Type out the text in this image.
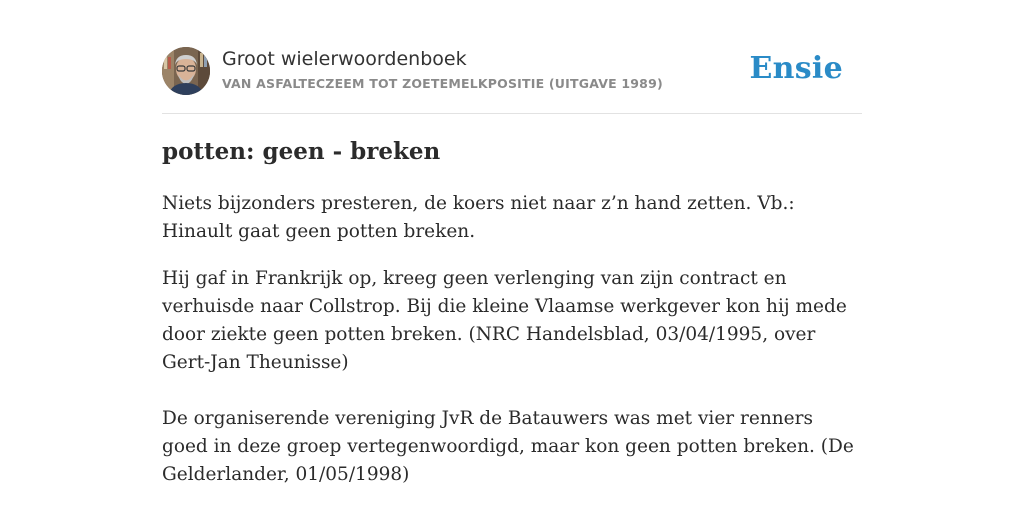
Groot wielerwoordenboek
VAN ASFALTECZEEM TOT ZOETEMELKPOSITIE (UITGAVE 1989)	Ensie
potten: geen - breken

Niets bijzonders presteren, de koers niet naar z’n hand zetten. Vb.: Hinault gaat geen potten breken.

Hij gaf in Frankrijk op, kreeg geen verlenging van zijn contract en verhuisde naar Collstrop. Bij die kleine Vlaamse werkgever kon hij mede door ziekte geen potten breken. (NRC Handelsblad, 03/04/1995, over Gert-Jan Theunisse)

De organiserende vereniging JvR de Batauwers was met vier renners goed in deze groep vertegenwoordigd, maar kon geen potten breken. (De Gelderlander, 01/05/1998)
